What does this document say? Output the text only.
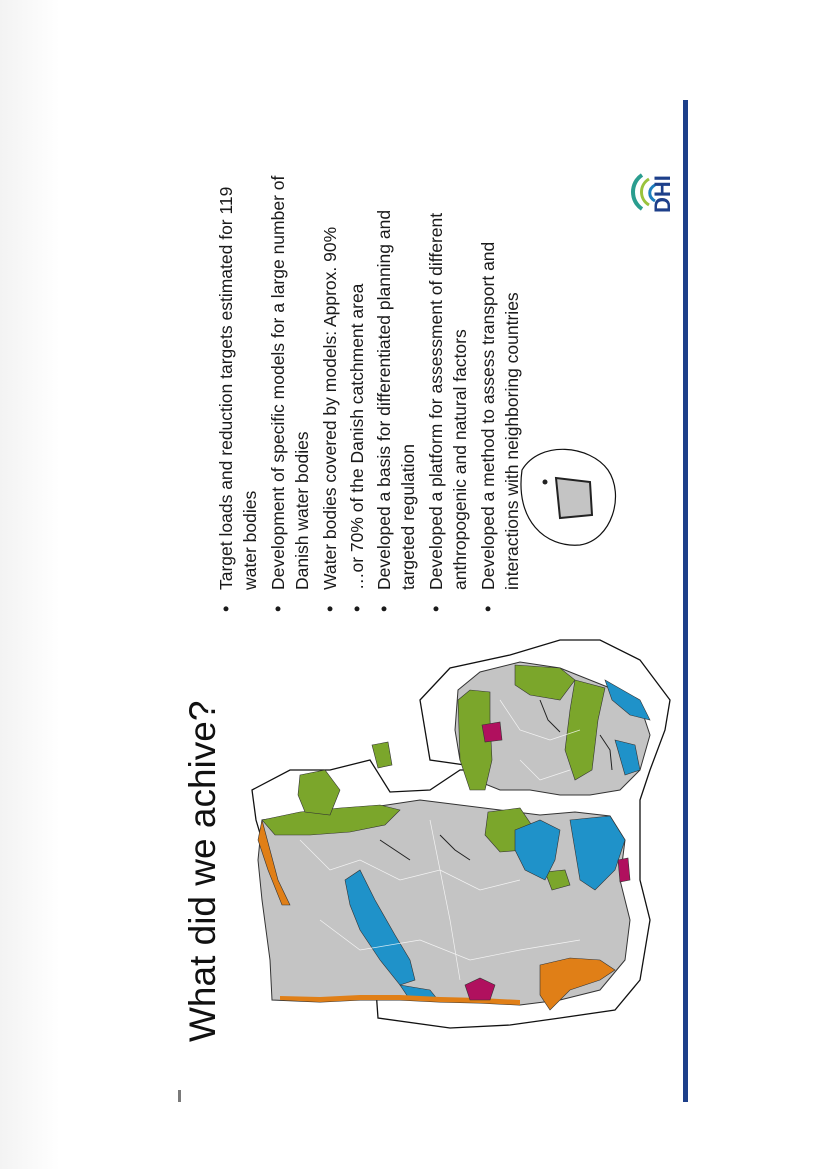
What did we achive?
DHI
•
Target loads and reduction targets estimated for 119 water bodies
•
Development of specific models for a large number of Danish water bodies
•
Water bodies covered by models: Approx. 90%
•
…or 70% of the Danish catchment area
•
Developed a basis for differentiated planning and targeted regulation
•
Developed a platform for assessment of different anthropogenic and natural factors
•
Developed a method to assess transport and interactions with neighboring countries
